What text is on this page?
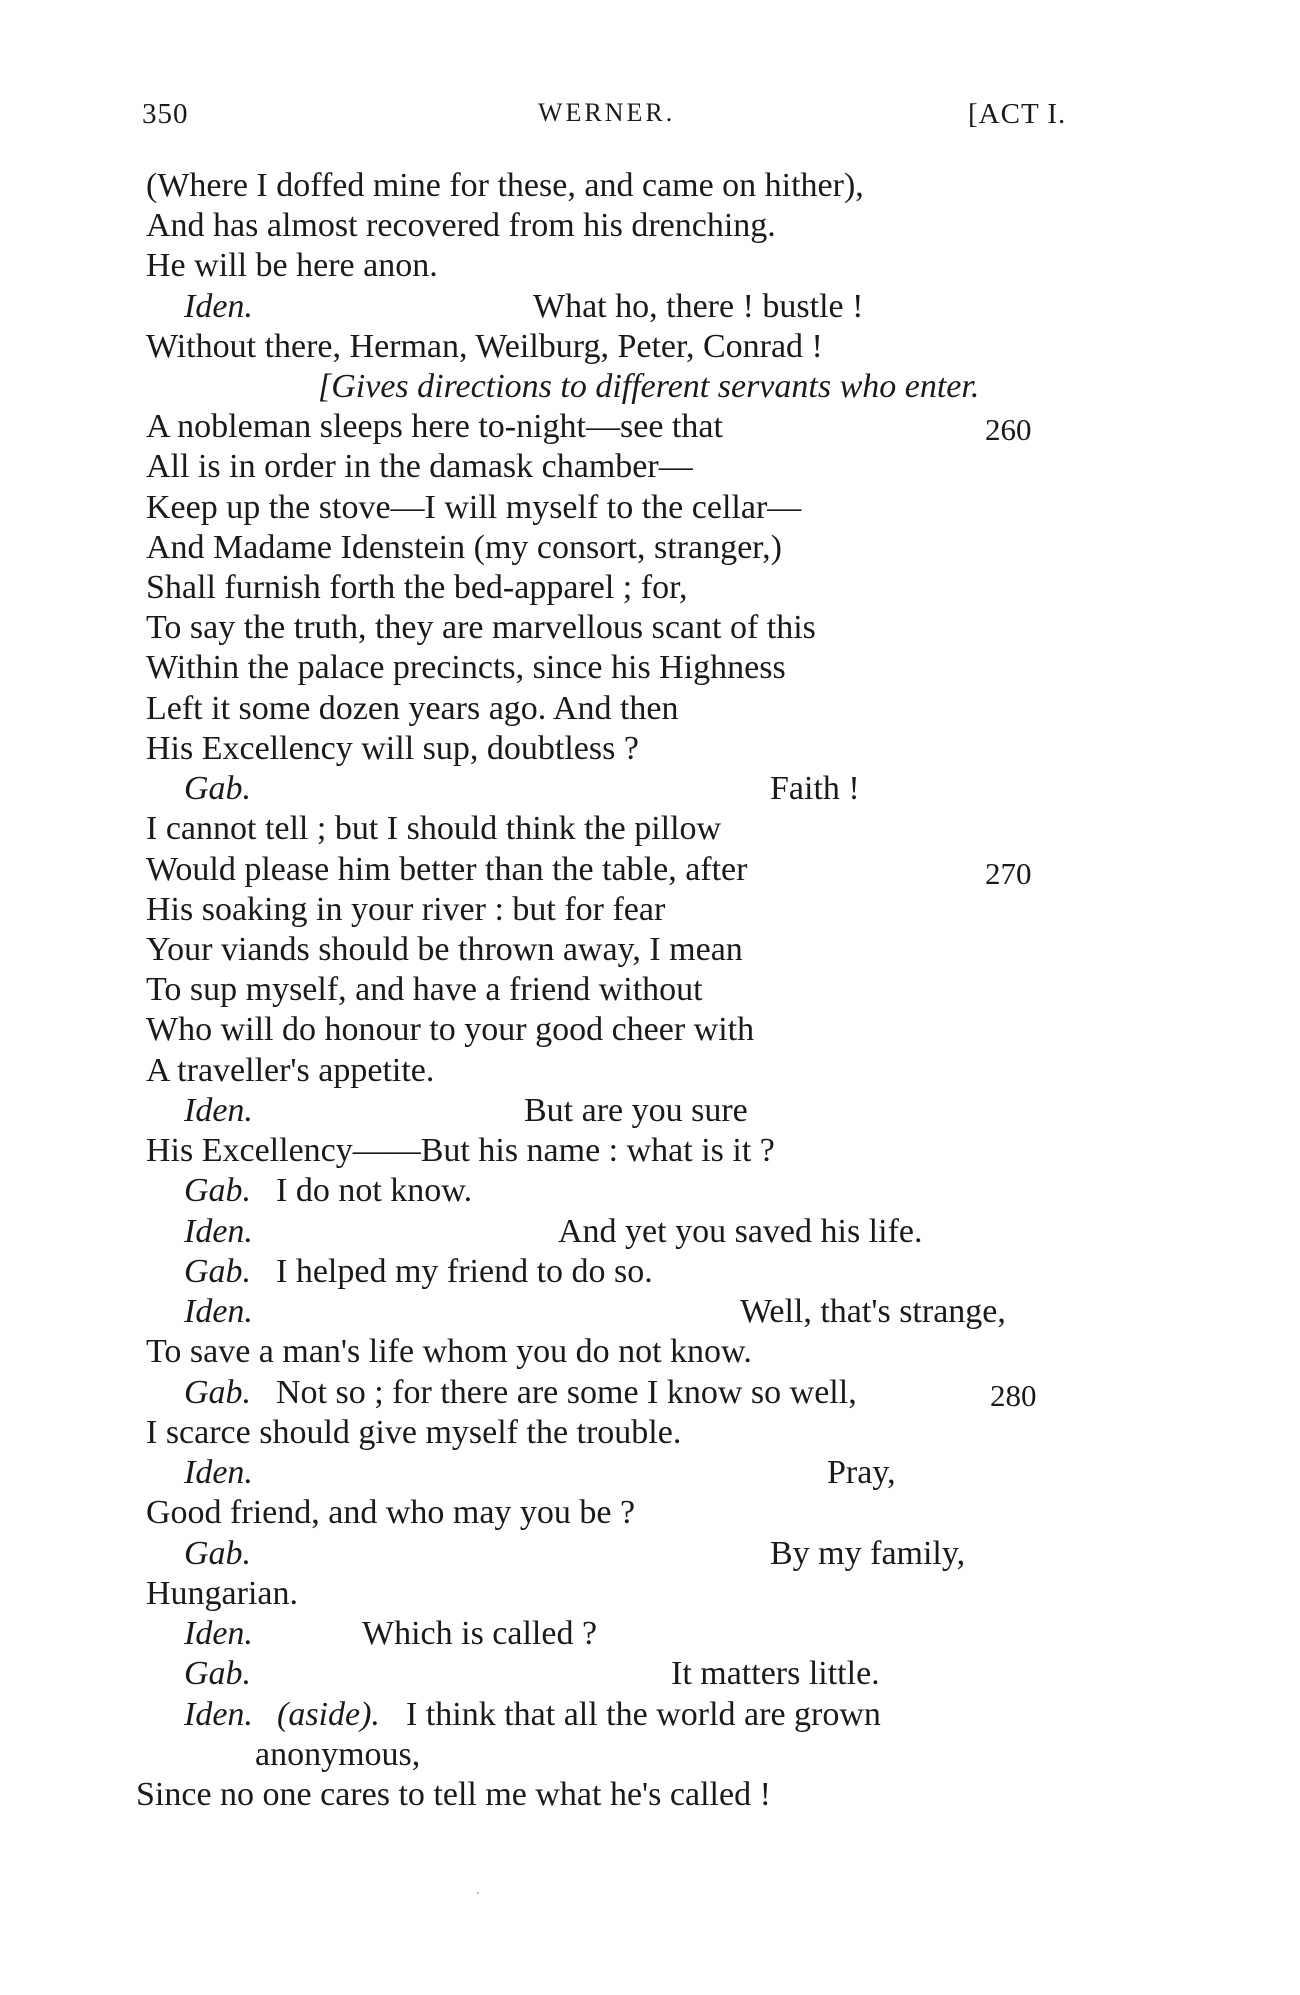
350	WERNER.	[ACT I.
(Where I doffed mine for these, and came on hither),
And has almost recovered from his drenching.
He will be here anon.
Iden.	What ho, there ! bustle !
Without there, Herman, Weilburg, Peter, Conrad !
[Gives directions to different servants who enter.
A nobleman sleeps here to-night—see that	260
All is in order in the damask chamber—
Keep up the stove—I will myself to the cellar—
And Madame Idenstein (my consort, stranger,)
Shall furnish forth the bed-apparel ; for,
To say the truth, they are marvellous scant of this
Within the palace precincts, since his Highness
Left it some dozen years ago. And then
His Excellency will sup, doubtless ?
Gab.	Faith !
I cannot tell ; but I should think the pillow
Would please him better than the table, after	270
His soaking in your river : but for fear
Your viands should be thrown away, I mean
To sup myself, and have a friend without
Who will do honour to your good cheer with
A traveller's appetite.
Iden.	But are you sure
His Excellency——But his name : what is it ?
Gab. I do not know.
Iden.	And yet you saved his life.
Gab. I helped my friend to do so.
Iden.	Well, that's strange,
To save a man's life whom you do not know.
Gab. Not so ; for there are some I know so well,	280
I scarce should give myself the trouble.
Iden.	Pray,
Good friend, and who may you be ?
Gab.	By my family,
Hungarian.
Iden.	Which is called ?
Gab.	It matters little.
Iden. (aside). I think that all the world are grown
anonymous,
Since no one cares to tell me what he's called !
